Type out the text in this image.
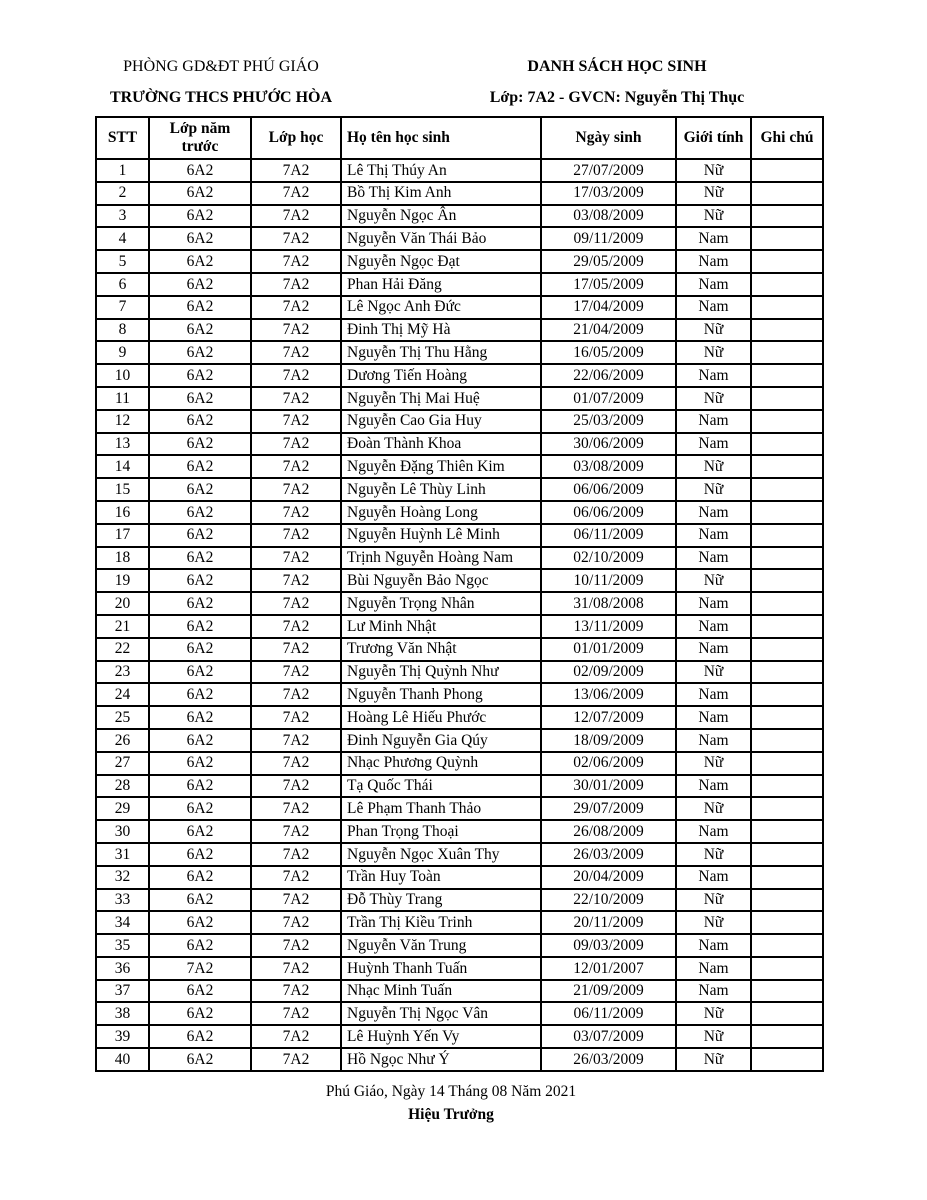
PHÒNG GD&ĐT PHÚ GIÁO
TRƯỜNG THCS PHƯỚC HÒA
DANH SÁCH HỌC SINH
Lớp: 7A2 - GVCN: Nguyễn Thị Thục
STT	Lớp năm trước	Lớp học	Họ tên học sinh	Ngày sinh	Giới tính	Ghi chú
1	6A2	7A2	Lê Thị Thúy An	27/07/2009	Nữ	
2	6A2	7A2	Bồ Thị Kim Anh	17/03/2009	Nữ	
3	6A2	7A2	Nguyễn Ngọc Ân	03/08/2009	Nữ	
4	6A2	7A2	Nguyễn Văn Thái Bảo	09/11/2009	Nam	
5	6A2	7A2	Nguyễn Ngọc Đạt	29/05/2009	Nam	
6	6A2	7A2	Phan Hải Đăng	17/05/2009	Nam	
7	6A2	7A2	Lê Ngọc Anh Đức	17/04/2009	Nam	
8	6A2	7A2	Đinh Thị Mỹ Hà	21/04/2009	Nữ	
9	6A2	7A2	Nguyễn Thị Thu Hằng	16/05/2009	Nữ	
10	6A2	7A2	Dương Tiến Hoàng	22/06/2009	Nam	
11	6A2	7A2	Nguyễn Thị Mai Huệ	01/07/2009	Nữ	
12	6A2	7A2	Nguyễn Cao Gia Huy	25/03/2009	Nam	
13	6A2	7A2	Đoàn Thành Khoa	30/06/2009	Nam	
14	6A2	7A2	Nguyễn Đặng Thiên Kim	03/08/2009	Nữ	
15	6A2	7A2	Nguyễn Lê Thùy Linh	06/06/2009	Nữ	
16	6A2	7A2	Nguyễn Hoàng Long	06/06/2009	Nam	
17	6A2	7A2	Nguyễn Huỳnh Lê Minh	06/11/2009	Nam	
18	6A2	7A2	Trịnh Nguyễn Hoàng Nam	02/10/2009	Nam	
19	6A2	7A2	Bùi Nguyễn Bảo Ngọc	10/11/2009	Nữ	
20	6A2	7A2	Nguyễn Trọng Nhân	31/08/2008	Nam	
21	6A2	7A2	Lư Minh Nhật	13/11/2009	Nam	
22	6A2	7A2	Trương Văn Nhật	01/01/2009	Nam	
23	6A2	7A2	Nguyễn Thị Quỳnh Như	02/09/2009	Nữ	
24	6A2	7A2	Nguyễn Thanh Phong	13/06/2009	Nam	
25	6A2	7A2	Hoàng Lê Hiếu Phước	12/07/2009	Nam	
26	6A2	7A2	Đinh Nguyễn Gia Qúy	18/09/2009	Nam	
27	6A2	7A2	Nhạc Phương Quỳnh	02/06/2009	Nữ	
28	6A2	7A2	Tạ Quốc Thái	30/01/2009	Nam	
29	6A2	7A2	Lê Phạm Thanh Thảo	29/07/2009	Nữ	
30	6A2	7A2	Phan Trọng Thoại	26/08/2009	Nam	
31	6A2	7A2	Nguyễn Ngọc Xuân Thy	26/03/2009	Nữ	
32	6A2	7A2	Trần Huy Toàn	20/04/2009	Nam	
33	6A2	7A2	Đỗ Thùy Trang	22/10/2009	Nữ	
34	6A2	7A2	Trần Thị Kiều Trinh	20/11/2009	Nữ	
35	6A2	7A2	Nguyễn Văn Trung	09/03/2009	Nam	
36	7A2	7A2	Huỳnh Thanh Tuấn	12/01/2007	Nam	
37	6A2	7A2	Nhạc Minh Tuấn	21/09/2009	Nam	
38	6A2	7A2	Nguyễn Thị Ngọc Vân	06/11/2009	Nữ	
39	6A2	7A2	Lê Huỳnh Yến Vy	03/07/2009	Nữ	
40	6A2	7A2	Hồ Ngọc Như Ý	26/03/2009	Nữ	
Phú Giáo, Ngày 14 Tháng 08 Năm 2021
Hiệu Trưởng
